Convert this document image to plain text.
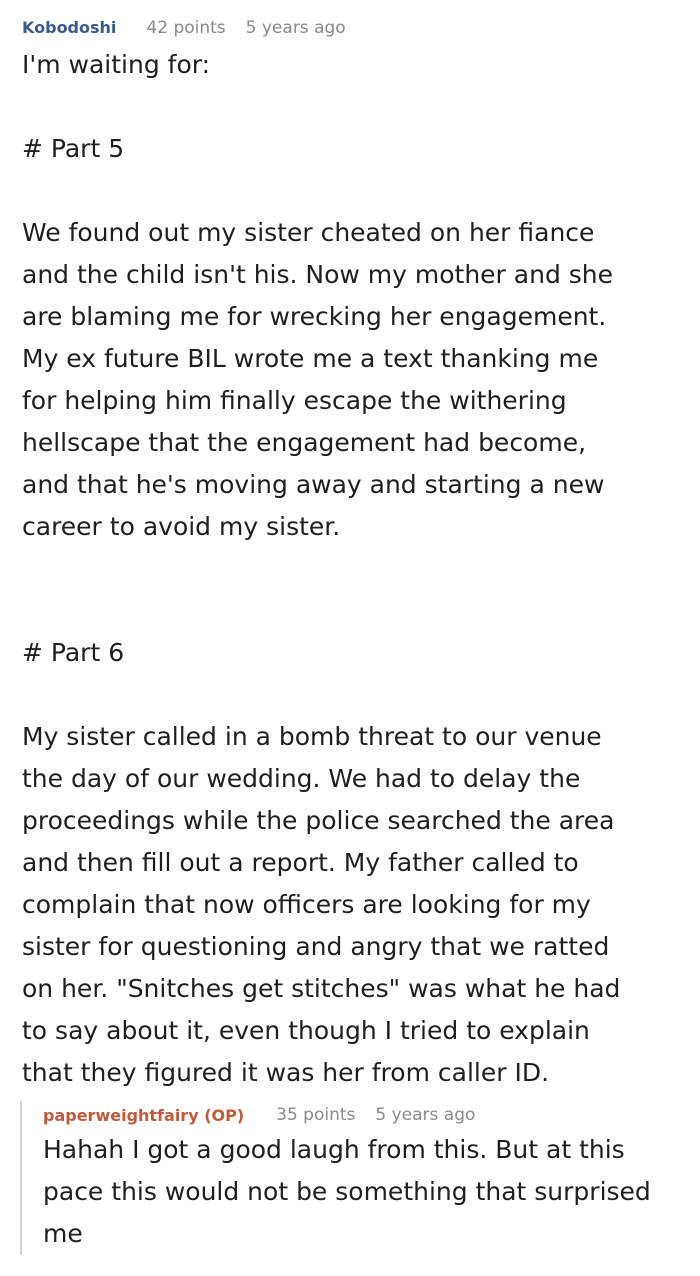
Kobodoshi 42 points 5 years ago

I'm waiting for:

# Part 5

We found out my sister cheated on her fiance

and the child isn't his. Now my mother and she

are blaming me for wrecking her engagement.

My ex future BIL wrote me a text thanking me

for helping him finally escape the withering

hellscape that the engagement had become,

and that he's moving away and starting a new

career to avoid my sister.

# Part 6

My sister called in a bomb threat to our venue

the day of our wedding. We had to delay the

proceedings while the police searched the area

and then fill out a report. My father called to

complain that now officers are looking for my

sister for questioning and angry that we ratted

on her. "Snitches get stitches" was what he had

to say about it, even though I tried to explain

that they figured it was her from caller ID.

paperweightfairy (OP) 35 points 5 years ago

Hahah I got a good laugh from this. But at this

pace this would not be something that surprised

me
